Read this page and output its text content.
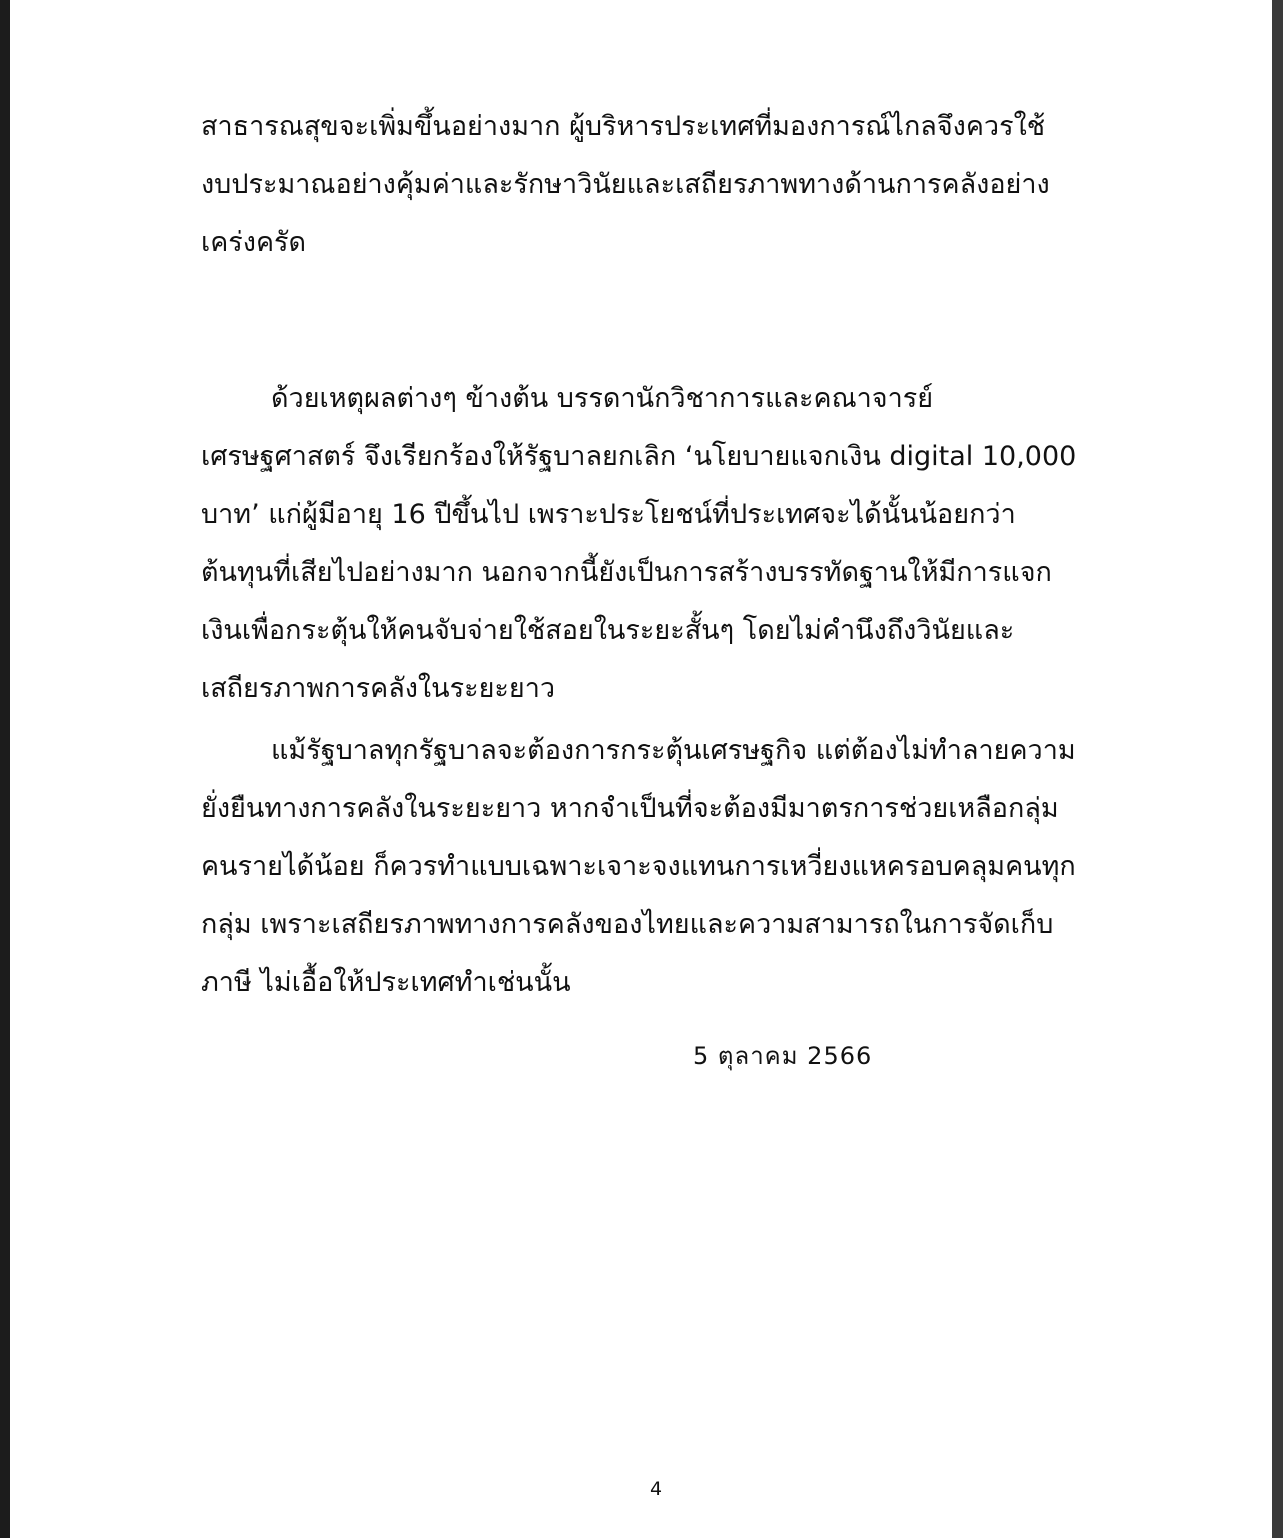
สาธารณสุขจะเพิ่มขึ้นอย่างมาก ผู้บริหารประเทศที่มองการณ์ไกลจึงควรใช้
งบประมาณอย่างคุ้มค่าและรักษาวินัยและเสถียรภาพทางด้านการคลังอย่าง
เคร่งครัด
ด้วยเหตุผลต่างๆ ข้างต้น บรรดานักวิชาการและคณาจารย์
เศรษฐศาสตร์ จึงเรียกร้องให้รัฐบาลยกเลิก ‘นโยบายแจกเงิน digital 10,000
บาท’ แก่ผู้มีอายุ 16 ปีขึ้นไป เพราะประโยชน์ที่ประเทศจะได้นั้นน้อยกว่า
ต้นทุนที่เสียไปอย่างมาก นอกจากนี้ยังเป็นการสร้างบรรทัดฐานให้มีการแจก
เงินเพื่อกระตุ้นให้คนจับจ่ายใช้สอยในระยะสั้นๆ โดยไม่คำนึงถึงวินัยและ
เสถียรภาพการคลังในระยะยาว
แม้รัฐบาลทุกรัฐบาลจะต้องการกระตุ้นเศรษฐกิจ แต่ต้องไม่ทำลายความ
ยั่งยืนทางการคลังในระยะยาว หากจำเป็นที่จะต้องมีมาตรการช่วยเหลือกลุ่ม
คนรายได้น้อย ก็ควรทำแบบเฉพาะเจาะจงแทนการเหวี่ยงแหครอบคลุมคนทุก
กลุ่ม เพราะเสถียรภาพทางการคลังของไทยและความสามารถในการจัดเก็บ
ภาษี ไม่เอื้อให้ประเทศทำเช่นนั้น
5 ตุลาคม 2566
4
